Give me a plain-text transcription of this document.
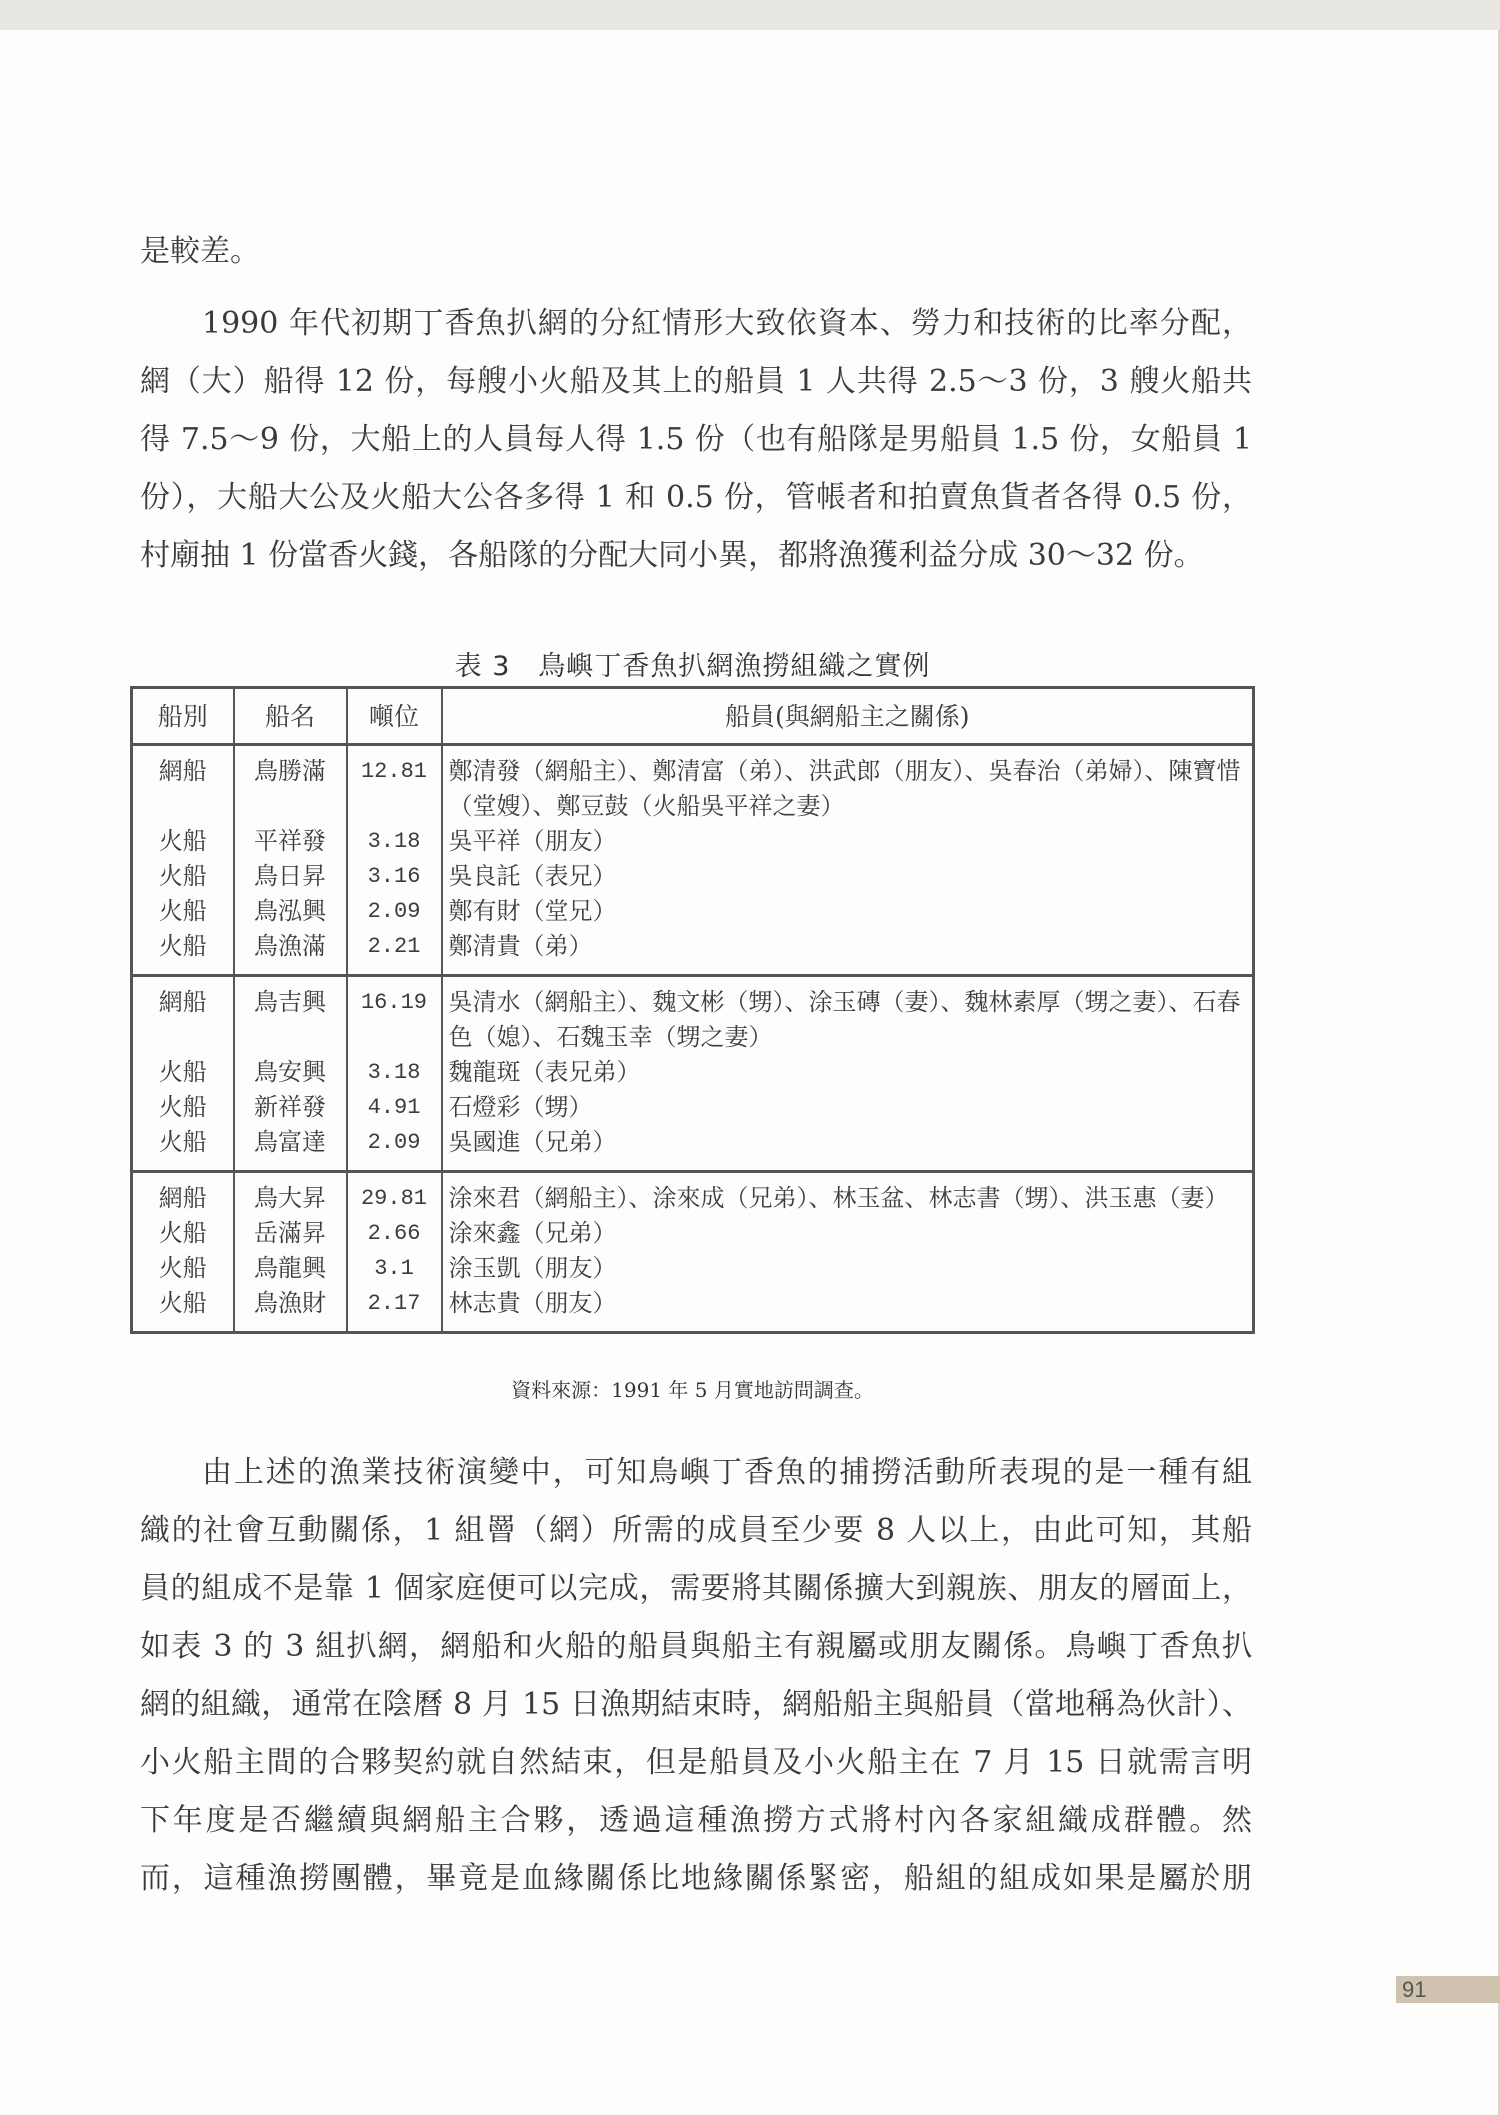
是較差。
1990 年代初期丁香魚扒網的分紅情形大致依資本、勞力和技術的比率分配，
網（大）船得 12 份，每艘小火船及其上的船員 1 人共得 2.5～3 份，3 艘火船共
得 7.5～9 份，大船上的人員每人得 1.5 份（也有船隊是男船員 1.5 份，女船員 1
份），大船大公及火船大公各多得 1 和 0.5 份，管帳者和拍賣魚貨者各得 0.5 份，
村廟抽 1 份當香火錢，各船隊的分配大同小異，都將漁獲利益分成 30～32 份。
表 3　鳥嶼丁香魚扒網漁撈組織之實例
船別	船名	噸位	船員(與網船主之關係)
網船	鳥勝滿	12.81	鄭清發（網船主）、鄭清富（弟）、洪武郎（朋友）、吳春治（弟婦）、陳寶惜（堂嫂）、鄭豆鼓（火船吳平祥之妻）
火船	平祥發	3.18	吳平祥（朋友）
火船	鳥日昇	3.16	吳良託（表兄）
火船	鳥泓興	2.09	鄭有財（堂兄）
火船	鳥漁滿	2.21	鄭清貴（弟）
網船	鳥吉興	16.19	吳清水（網船主）、魏文彬（甥）、涂玉磚（妻）、魏林素厚（甥之妻）、石春色（媳）、石魏玉幸（甥之妻）
火船	鳥安興	3.18	魏龍斑（表兄弟）
火船	新祥發	4.91	石燈彩（甥）
火船	鳥富達	2.09	吳國進（兄弟）
網船	鳥大昇	29.81	涂來君（網船主）、涂來成（兄弟）、林玉盆、林志書（甥）、洪玉惠（妻）
火船	岳滿昇	2.66	涂來鑫（兄弟）
火船	鳥龍興	3.1	涂玉凱（朋友）
火船	鳥漁財	2.17	林志貴（朋友）
資料來源：1991 年 5 月實地訪問調查。
由上述的漁業技術演變中，可知鳥嶼丁香魚的捕撈活動所表現的是一種有組
織的社會互動關係，1 組罾（網）所需的成員至少要 8 人以上，由此可知，其船
員的組成不是靠 1 個家庭便可以完成，需要將其關係擴大到親族、朋友的層面上，
如表 3 的 3 組扒網，網船和火船的船員與船主有親屬或朋友關係。鳥嶼丁香魚扒
網的組織，通常在陰曆 8 月 15 日漁期結束時，網船船主與船員（當地稱為伙計）、
小火船主間的合夥契約就自然結束，但是船員及小火船主在 7 月 15 日就需言明
下年度是否繼續與網船主合夥，透過這種漁撈方式將村內各家組織成群體。然
而，這種漁撈團體，畢竟是血緣關係比地緣關係緊密，船組的組成如果是屬於朋
91
